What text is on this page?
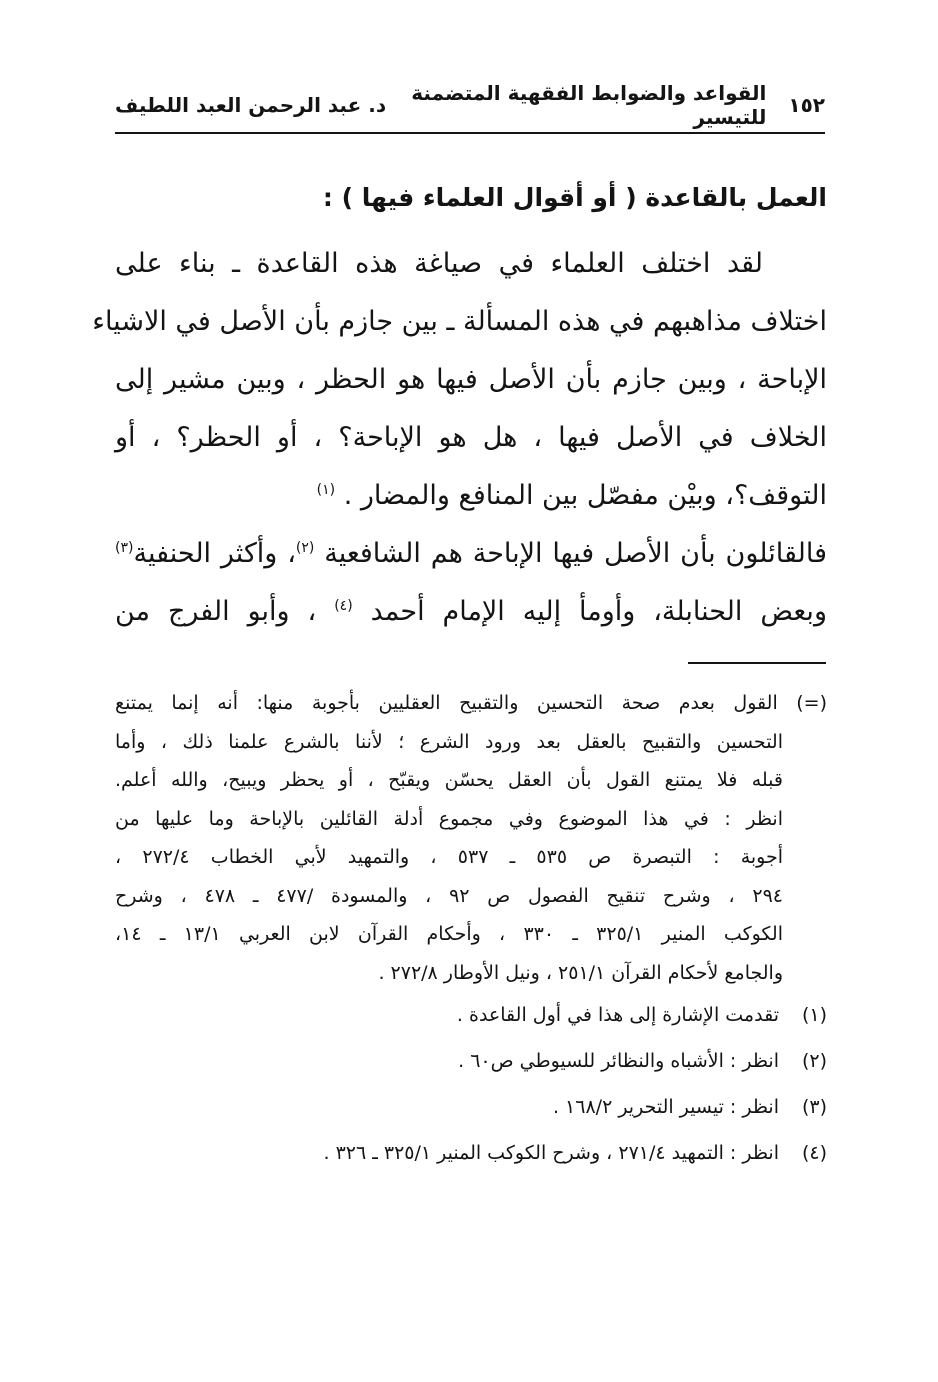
١٥٢
القواعد والضوابط الفقهية المتضمنة للتيسير
د. عبد الرحمن العبد اللطيف
العمل بالقاعدة ( أو أقوال العلماء فيها ) :
لقد اختلف العلماء في صياغة هذه القاعدة ـ بناء على
اختلاف مذاهبهم في هذه المسألة ـ بين جازم بأن الأصل في الاشياء
الإباحة ، وبين جازم بأن الأصل فيها هو الحظر ، وبين مشير إلى
الخلاف في الأصل فيها ، هل هو الإباحة؟ ، أو الحظر؟ ، أو
التوقف؟، وبيْن مفصّل بين المنافع والمضار . $^{(١)}$
فالقائلون بأن الأصل فيها الإباحة هم الشافعية $^{(٢)}$، وأكثر الحنفية$^{(٣)}$
وبعض الحنابلة، وأومأ إليه الإمام أحمد $^{(٤)}$ ، وأبو الفرج من
(=) القول بعدم صحة التحسين والتقبيح العقليين بأجوبة منها: أنه إنما يمتنع
التحسين والتقبيح بالعقل بعد ورود الشرع ؛ لأننا بالشرع علمنا ذلك ، وأما
قبله فلا يمتنع القول بأن العقل يحسّن ويقبّح ، أو يحظر ويبيح، والله أعلم.
انظر : في هذا الموضوع وفي مجموع أدلة القائلين بالإباحة وما عليها من
أجوبة : التبصرة ص ٥٣٥ ـ ٥٣٧ ، والتمهيد لأبي الخطاب ٢٧٢/٤ ،
٢٩٤ ، وشرح تنقيح الفصول ص ٩٢ ، والمسودة /٤٧٧ ـ ٤٧٨ ، وشرح
الكوكب المنير ٣٢٥/١ ـ ٣٣٠ ، وأحكام القرآن لابن العربي ١٣/١ ـ ١٤،
والجامع لأحكام القرآن ٢٥١/١ ، ونيل الأوطار ٢٧٢/٨ .
(١)
تقدمت الإشارة إلى هذا في أول القاعدة .
(٢)
انظر : الأشباه والنظائر للسيوطي ص٦٠ .
(٣)
انظر : تيسير التحرير ١٦٨/٢ .
(٤)
انظر : التمهيد ٢٧١/٤ ، وشرح الكوكب المنير ٣٢٥/١ ـ ٣٢٦ .
